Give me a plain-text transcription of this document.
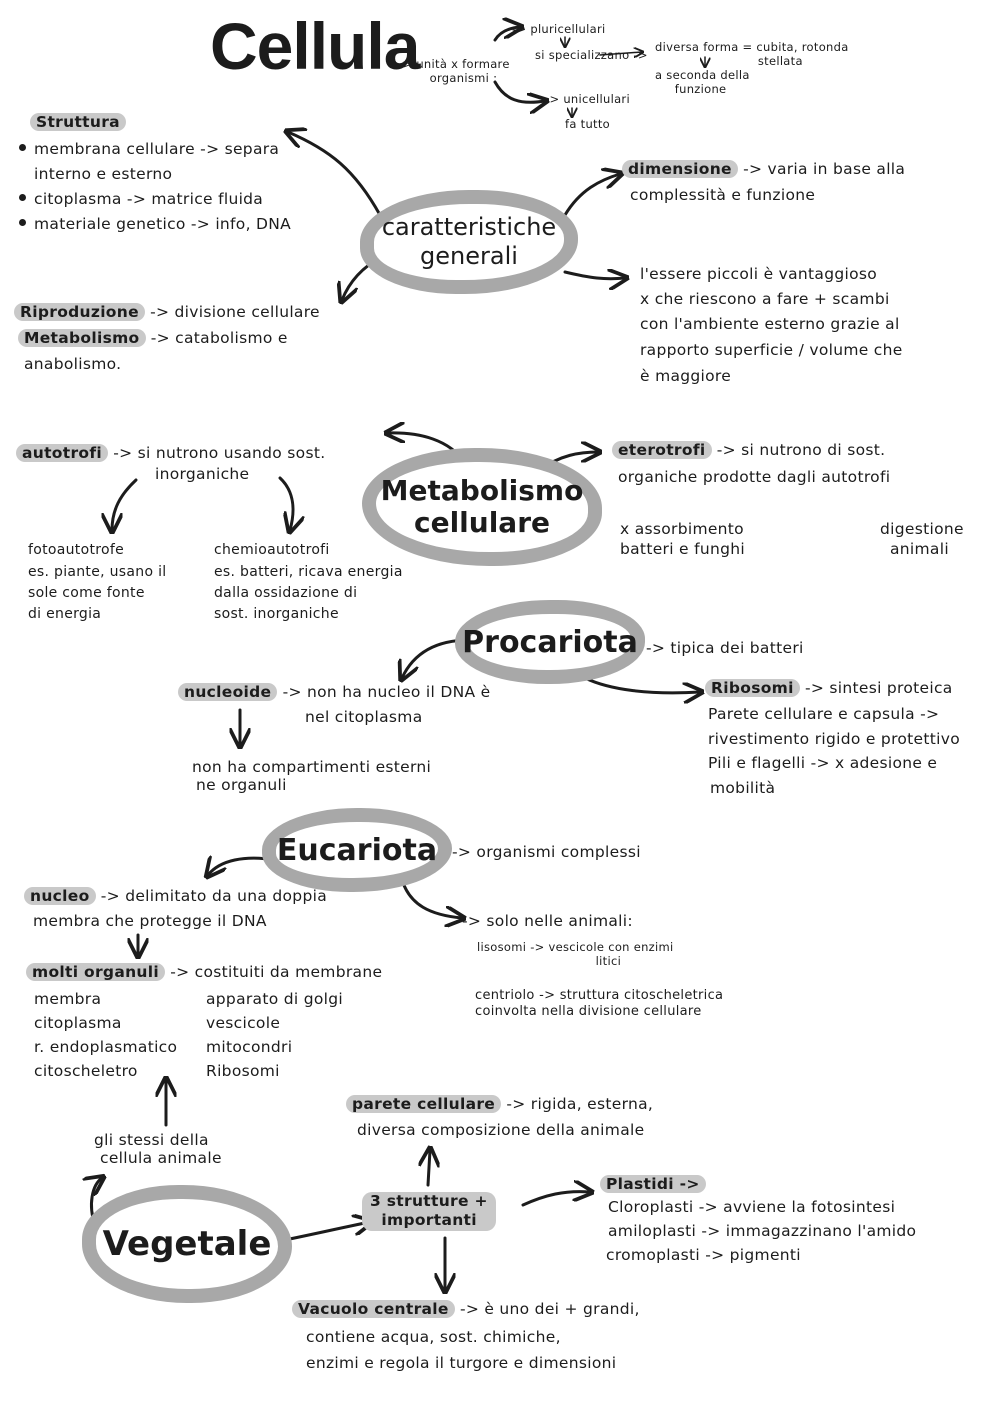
Cellula
-> unità x formare
organismi :
-> pluricellulari
si specializzano ->
diversa forma = cubita, rotonda
stellata
a seconda della
funzione
-> unicellulari
fa tutto
caratteristiche
generali
Struttura
membrana cellulare -> separa
interno e esterno
citoplasma -> matrice fluida
materiale genetico -> info, DNA
dimensione -> varia in base alla
complessità e funzione
l'essere piccoli è vantaggioso
x che riescono a fare + scambi
con l'ambiente esterno grazie al
rapporto superficie / volume che
è maggiore
Riproduzione -> divisione cellulare
Metabolismo -> catabolismo e
anabolismo.
Metabolismo
cellulare
autotrofi -> si nutrono usando sost.
inorganiche
fotoautotrofe
es. piante, usano il
sole come fonte
di energia
chemioautotrofi
es. batteri, ricava energia
dalla ossidazione di
sost. inorganiche
eterotrofi -> si nutrono di sost.
organiche prodotte dagli autotrofi
x assorbimento
batteri e funghi
digestione
animali
Procariota -> tipica dei batteri
nucleoide -> non ha nucleo il DNA è
nel citoplasma
non ha compartimenti esterni
ne organuli
Ribosomi -> sintesi proteica
Parete cellulare e capsula ->
rivestimento rigido e protettivo
Pili e flagelli -> x adesione e
mobilità
Eucariota -> organismi complessi
nucleo -> delimitato da una doppia
membra che protegge il DNA
molti organuli -> costituiti da membrane
membra
citoplasma
r. endoplasmatico
citoscheletro
apparato di golgi
vescicole
mitocondri
Ribosomi
-> solo nelle animali:
lisosomi -> vescicole con enzimi
litici
centriolo -> struttura citoscheletrica
coinvolta nella divisione cellulare
Vegetale
gli stessi della
cellula animale
3 strutture +
importanti
parete cellulare -> rigida, esterna,
diversa composizione della animale
Plastidi ->
Cloroplasti -> avviene la fotosintesi
amiloplasti -> immagazzinano l'amido
cromoplasti -> pigmenti
Vacuolo centrale -> è uno dei + grandi,
contiene acqua, sost. chimiche,
enzimi e regola il turgore e dimensioni
